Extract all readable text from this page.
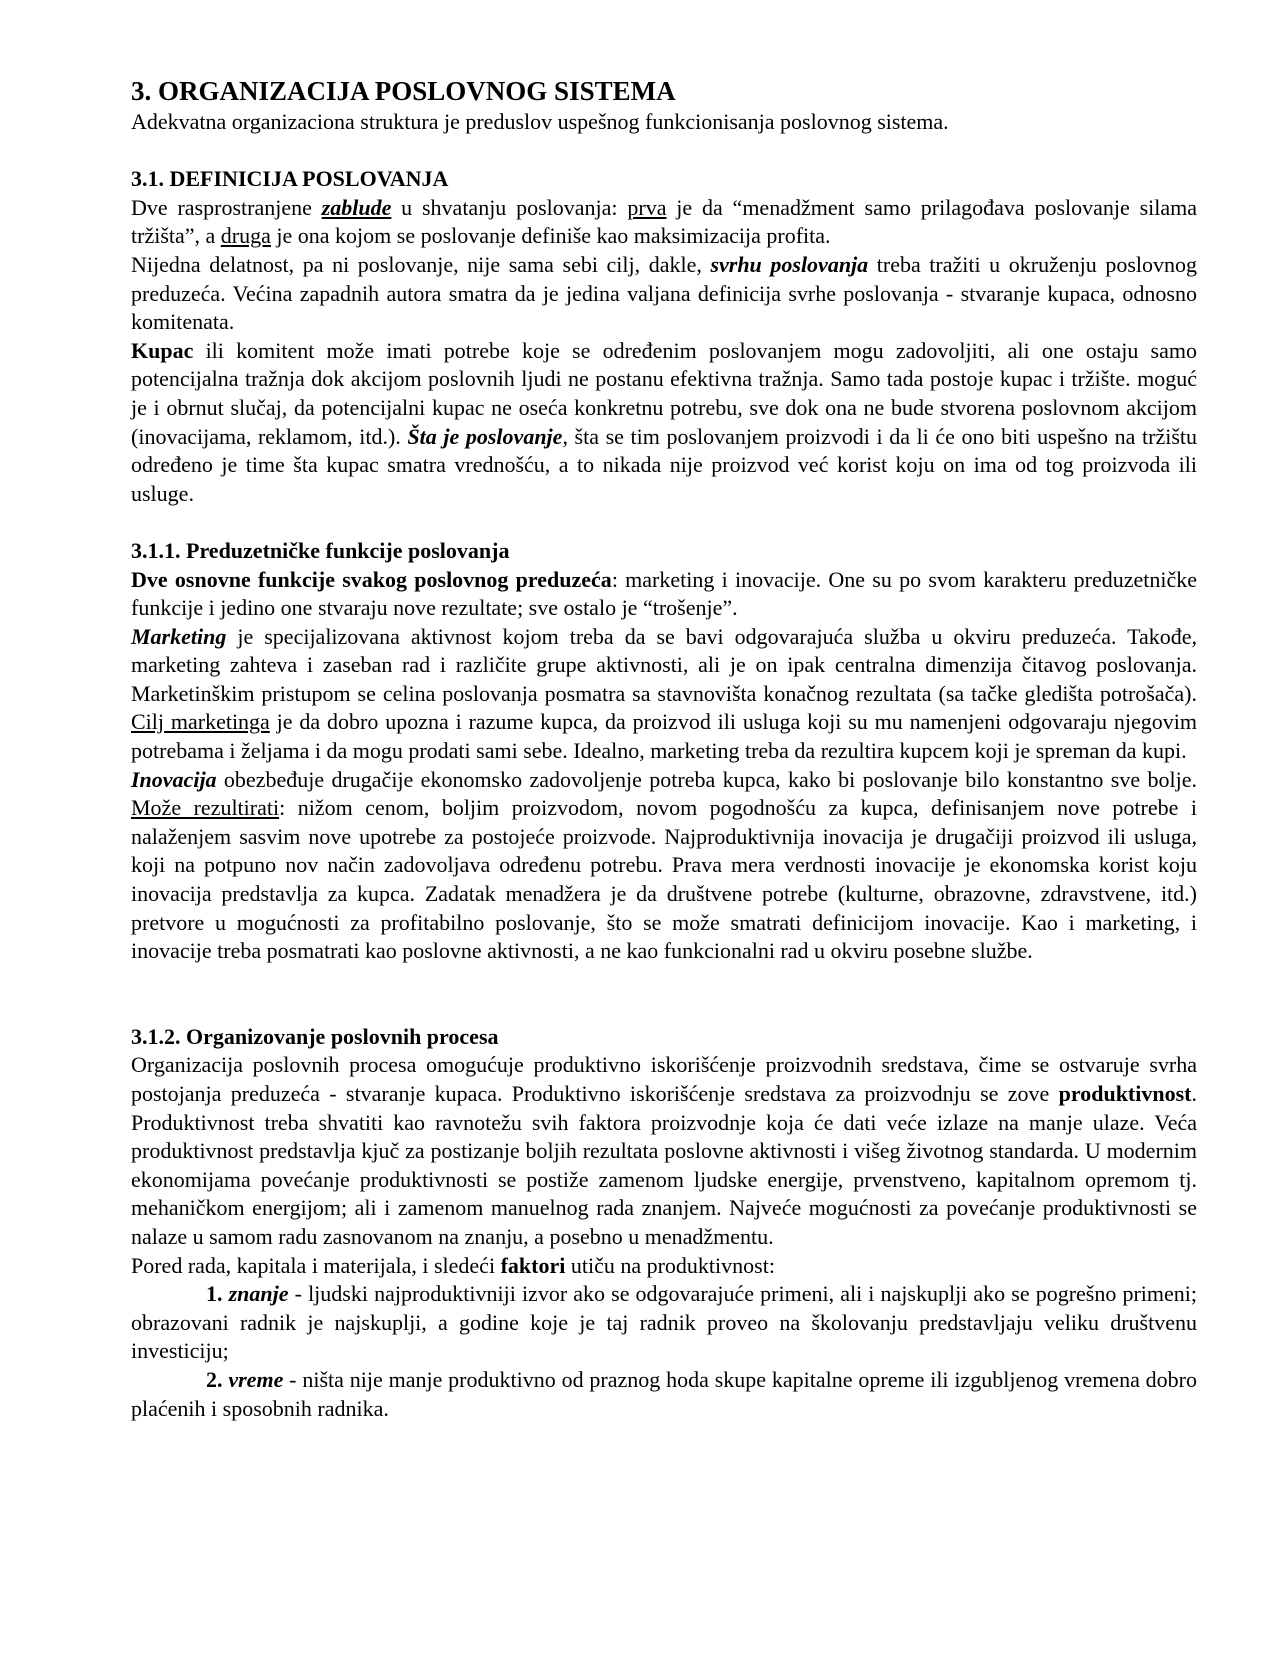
3. ORGANIZACIJA POSLOVNOG SISTEMA

Adekvatna organizaciona struktura je preduslov uspešnog funkcionisanja poslovnog sistema.

3.1. DEFINICIJA POSLOVANJA

Dve rasprostranjene zablude u shvatanju poslovanja: prva je da “menadžment samo prilagođava poslovanje silama tržišta”, a druga je ona kojom se poslovanje definiše kao maksimizacija profita.

Nijedna delatnost, pa ni poslovanje, nije sama sebi cilj, dakle, svrhu poslovanja treba tražiti u okruženju poslovnog preduzeća. Većina zapadnih autora smatra da je jedina valjana definicija svrhe poslovanja - stvaranje kupaca, odnosno komitenata.

Kupac ili komitent može imati potrebe koje se određenim poslovanjem mogu zadovoljiti, ali one ostaju samo potencijalna tražnja dok akcijom poslovnih ljudi ne postanu efektivna tražnja. Samo tada postoje kupac i tržište. moguć je i obrnut slučaj, da potencijalni kupac ne oseća konkretnu potrebu, sve dok ona ne bude stvorena poslovnom akcijom (inovacijama, reklamom, itd.). Šta je poslovanje, šta se tim poslovanjem proizvodi i da li će ono biti uspešno na tržištu određeno je time šta kupac smatra vrednošću, a to nikada nije proizvod već korist koju on ima od tog proizvoda ili usluge.

3.1.1. Preduzetničke funkcije poslovanja

Dve osnovne funkcije svakog poslovnog preduzeća: marketing i inovacije. One su po svom karakteru preduzetničke funkcije i jedino one stvaraju nove rezultate; sve ostalo je “trošenje”.

Marketing je specijalizovana aktivnost kojom treba da se bavi odgovarajuća služba u okviru preduzeća. Takođe, marketing zahteva i zaseban rad i različite grupe aktivnosti, ali je on ipak centralna dimenzija čitavog poslovanja. Marketinškim pristupom se celina poslovanja posmatra sa stavnovišta konačnog rezultata (sa tačke gledišta potrošača). Cilj marketinga je da dobro upozna i razume kupca, da proizvod ili usluga koji su mu namenjeni odgovaraju njegovim potrebama i željama i da mogu prodati sami sebe. Idealno, marketing treba da rezultira kupcem koji je spreman da kupi.

Inovacija obezbeđuje drugačije ekonomsko zadovoljenje potreba kupca, kako bi poslovanje bilo konstantno sve bolje. Može rezultirati: nižom cenom, boljim proizvodom, novom pogodnošću za kupca, definisanjem nove potrebe i nalaženjem sasvim nove upotrebe za postojeće proizvode. Najproduktivnija inovacija je drugačiji proizvod ili usluga, koji na potpuno nov način zadovoljava određenu potrebu. Prava mera verdnosti inovacije je ekonomska korist koju inovacija predstavlja za kupca. Zadatak menadžera je da društvene potrebe (kulturne, obrazovne, zdravstvene, itd.) pretvore u mogućnosti za profitabilno poslovanje, što se može smatrati definicijom inovacije. Kao i marketing, i inovacije treba posmatrati kao poslovne aktivnosti, a ne kao funkcionalni rad u okviru posebne službe.

3.1.2. Organizovanje poslovnih procesa

Organizacija poslovnih procesa omogućuje produktivno iskorišćenje proizvodnih sredstava, čime se ostvaruje svrha postojanja preduzeća - stvaranje kupaca. Produktivno iskorišćenje sredstava za proizvodnju se zove produktivnost. Produktivnost treba shvatiti kao ravnotežu svih faktora proizvodnje koja će dati veće izlaze na manje ulaze. Veća produktivnost predstavlja kjuč za postizanje boljih rezultata poslovne aktivnosti i višeg životnog standarda. U modernim ekonomijama povećanje produktivnosti se postiže zamenom ljudske energije, prvenstveno, kapitalnom opremom tj. mehaničkom energijom; ali i zamenom manuelnog rada znanjem. Najveće mogućnosti za povećanje produktivnosti se nalaze u samom radu zasnovanom na znanju, a posebno u menadžmentu.

Pored rada, kapitala i materijala, i sledeći faktori utiču na produktivnost:

1. znanje - ljudski najproduktivniji izvor ako se odgovarajuće primeni, ali i najskuplji ako se pogrešno primeni; obrazovani radnik je najskuplji, a godine koje je taj radnik proveo na školovanju predstavljaju veliku društvenu investiciju;

2. vreme - ništa nije manje produktivno od praznog hoda skupe kapitalne opreme ili izgubljenog vremena dobro plaćenih i sposobnih radnika.
